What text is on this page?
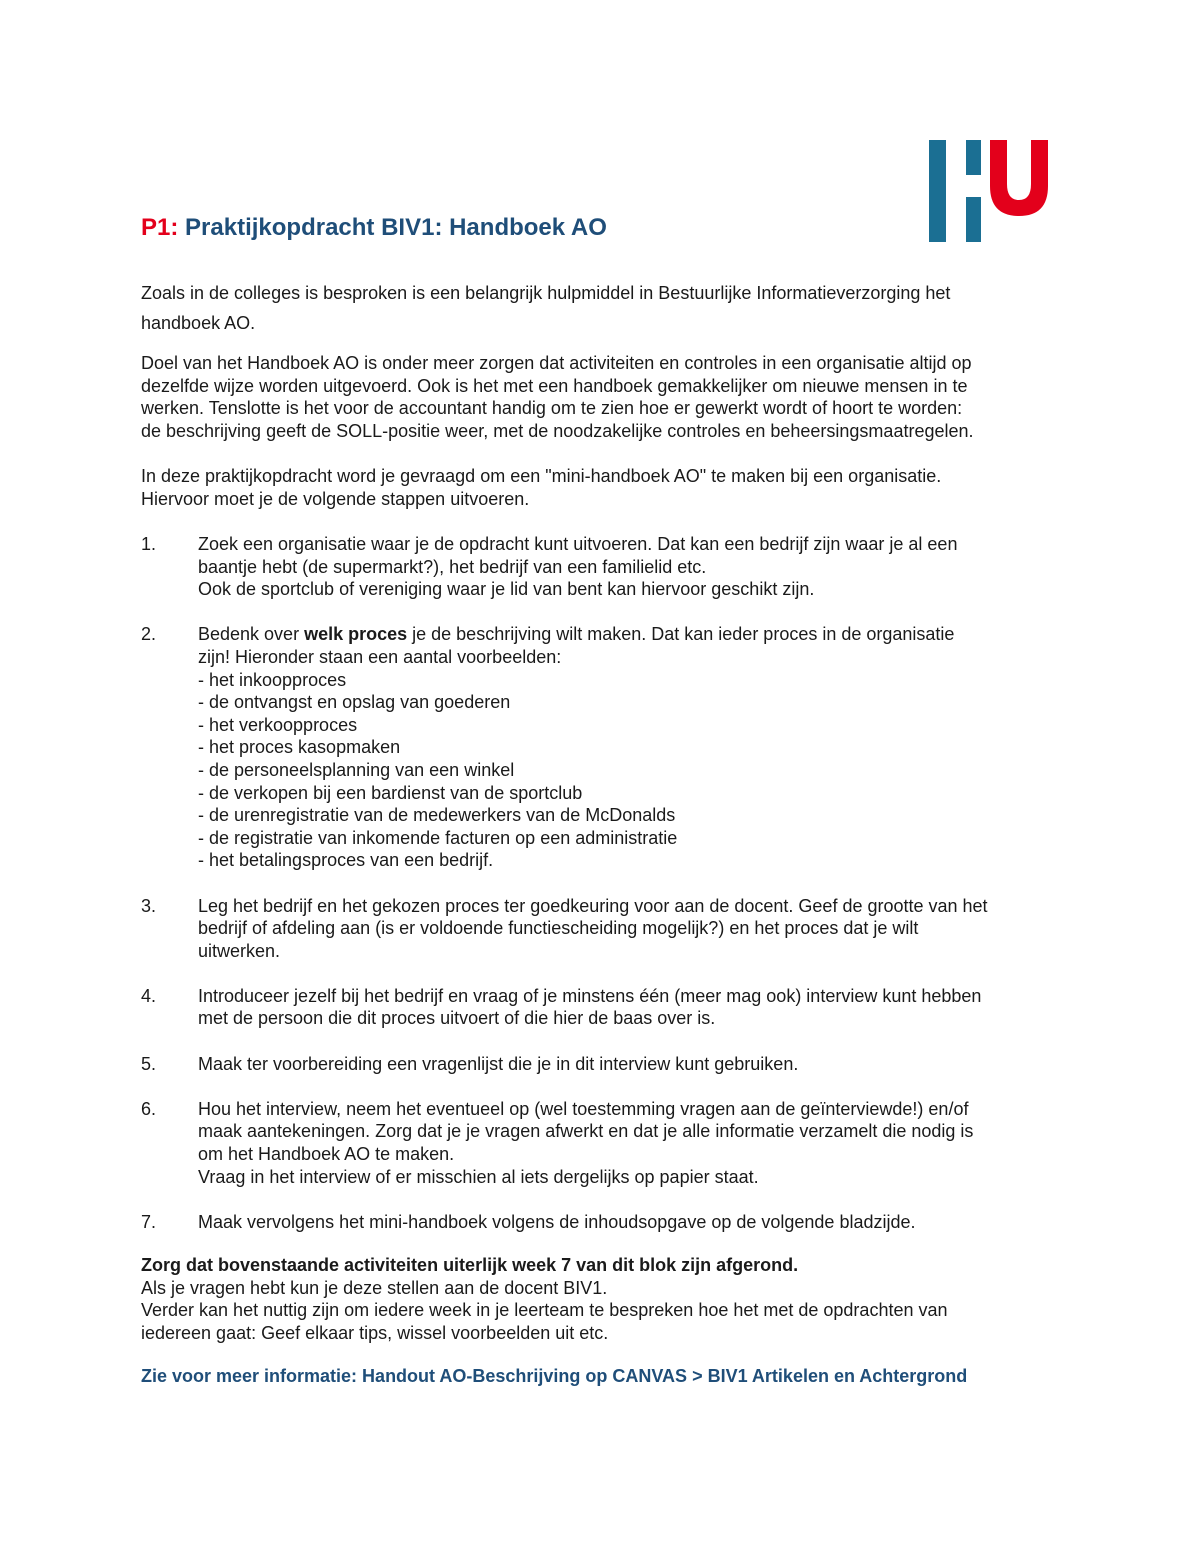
P1: Praktijkopdracht BIV1: Handboek AO
Zoals in de colleges is besproken is een belangrijk hulpmiddel in Bestuurlijke Informatieverzorging het
handboek AO.
Doel van het Handboek AO is onder meer zorgen dat activiteiten en controles in een organisatie altijd op
dezelfde wijze worden uitgevoerd. Ook is het met een handboek gemakkelijker om nieuwe mensen in te
werken. Tenslotte is het voor de accountant handig om te zien hoe er gewerkt wordt of hoort te worden:
de beschrijving geeft de SOLL-positie weer, met de noodzakelijke controles en beheersingsmaatregelen.
In deze praktijkopdracht word je gevraagd om een "mini-handboek AO" te maken bij een organisatie.
Hiervoor moet je de volgende stappen uitvoeren.
1. Zoek een organisatie waar je de opdracht kunt uitvoeren. Dat kan een bedrijf zijn waar je al een
baantje hebt (de supermarkt?), het bedrijf van een familielid etc.
Ook de sportclub of vereniging waar je lid van bent kan hiervoor geschikt zijn.
2. Bedenk over welk proces je de beschrijving wilt maken. Dat kan ieder proces in de organisatie
zijn! Hieronder staan een aantal voorbeelden:
- het inkoopproces
- de ontvangst en opslag van goederen
- het verkoopproces
- het proces kasopmaken
- de personeelsplanning van een winkel
- de verkopen bij een bardienst van de sportclub
- de urenregistratie van de medewerkers van de McDonalds
- de registratie van inkomende facturen op een administratie
- het betalingsproces van een bedrijf.
3. Leg het bedrijf en het gekozen proces ter goedkeuring voor aan de docent. Geef de grootte van het
bedrijf of afdeling aan (is er voldoende functiescheiding mogelijk?) en het proces dat je wilt
uitwerken.
4. Introduceer jezelf bij het bedrijf en vraag of je minstens één (meer mag ook) interview kunt hebben
met de persoon die dit proces uitvoert of die hier de baas over is.
5. Maak ter voorbereiding een vragenlijst die je in dit interview kunt gebruiken.
6. Hou het interview, neem het eventueel op (wel toestemming vragen aan de geïnterviewde!) en/of
maak aantekeningen. Zorg dat je je vragen afwerkt en dat je alle informatie verzamelt die nodig is
om het Handboek AO te maken.
Vraag in het interview of er misschien al iets dergelijks op papier staat.
7. Maak vervolgens het mini-handboek volgens de inhoudsopgave op de volgende bladzijde.
Zorg dat bovenstaande activiteiten uiterlijk week 7 van dit blok zijn afgerond.
Als je vragen hebt kun je deze stellen aan de docent BIV1.
Verder kan het nuttig zijn om iedere week in je leerteam te bespreken hoe het met de opdrachten van
iedereen gaat: Geef elkaar tips, wissel voorbeelden uit etc.
Zie voor meer informatie: Handout AO-Beschrijving op CANVAS > BIV1 Artikelen en Achtergrond
